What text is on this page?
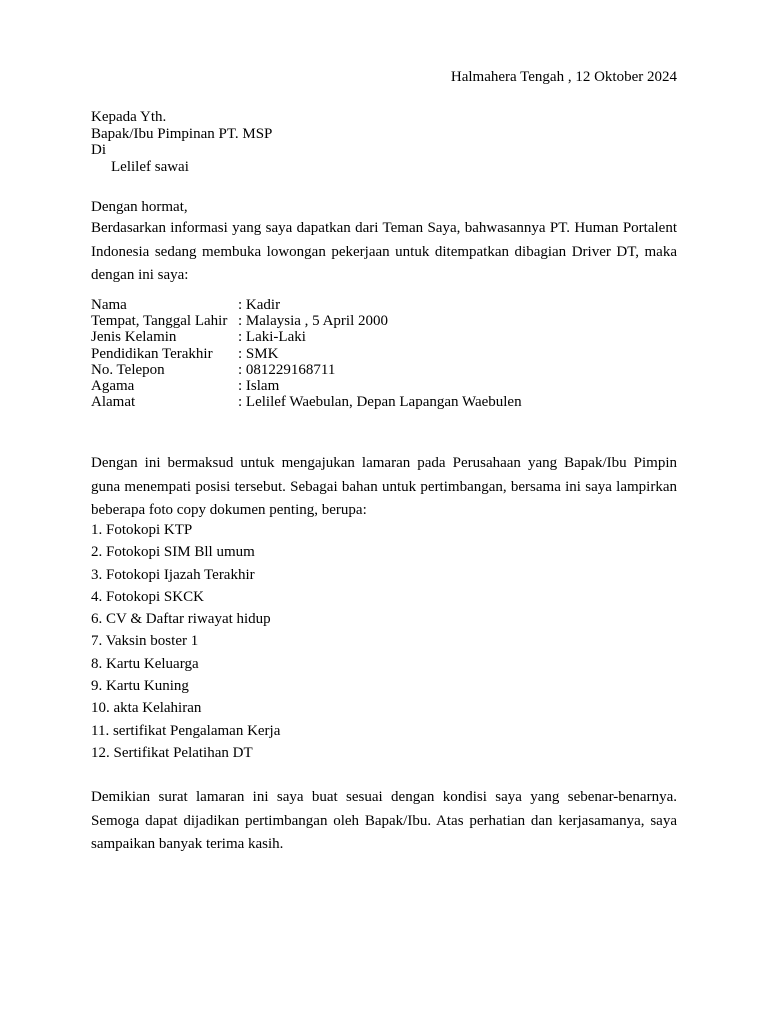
Halmahera Tengah , 12 Oktober 2024
Kepada Yth.
Bapak/Ibu Pimpinan PT. MSP
Di
Lelilef sawai
Dengan hormat,
Berdasarkan informasi yang saya dapatkan dari Teman Saya, bahwasannya PT. Human Portalent Indonesia sedang membuka lowongan pekerjaan untuk ditempatkan dibagian Driver DT, maka dengan ini saya:
Nama	: Kadir
Tempat, Tanggal Lahir : Malaysia , 5 April 2000
Jenis Kelamin	: Laki-Laki
Pendidikan Terakhir	: SMK
No. Telepon	: 081229168711
Agama	: Islam
Alamat	: Lelilef Waebulan, Depan Lapangan Waebulen
Dengan ini bermaksud untuk mengajukan lamaran pada Perusahaan yang Bapak/Ibu Pimpin guna menempati posisi tersebut. Sebagai bahan untuk pertimbangan, bersama ini saya lampirkan beberapa foto copy dokumen penting, berupa:
1. Fotokopi KTP
2. Fotokopi SIM Bll umum
3. Fotokopi Ijazah Terakhir
4. Fotokopi SKCK
6. CV & Daftar riwayat hidup
7. Vaksin boster 1
8. Kartu Keluarga
9. Kartu Kuning
10. akta Kelahiran
11. sertifikat Pengalaman Kerja
12. Sertifikat Pelatihan DT
Demikian surat lamaran ini saya buat sesuai dengan kondisi saya yang sebenar-benarnya. Semoga dapat dijadikan pertimbangan oleh Bapak/Ibu. Atas perhatian dan kerjasamanya, saya sampaikan banyak terima kasih.
